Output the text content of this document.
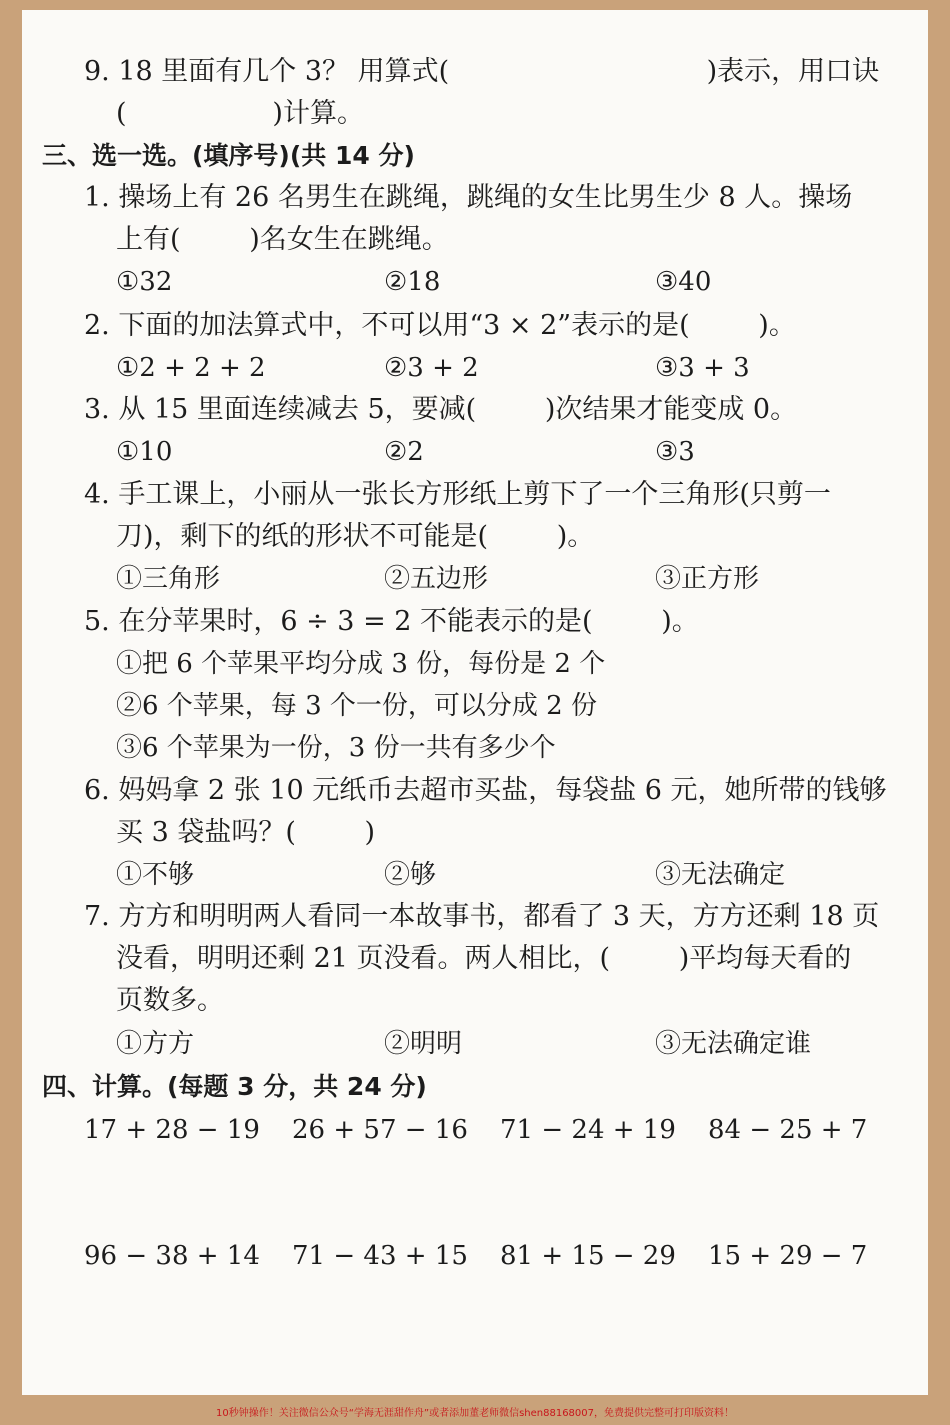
9. 18 里面有几个 3？ 用算式(                              )表示，用口诀
(                 )计算。
三、选一选。(填序号)(共 14 分)
1. 操场上有 26 名男生在跳绳，跳绳的女生比男生少 8 人。操场
上有(        )名女生在跳绳。
①32	②18	③40
2. 下面的加法算式中，不可以用“3 × 2”表示的是(        )。
①2 + 2 + 2	②3 + 2	③3 + 3
3. 从 15 里面连续减去 5，要减(        )次结果才能变成 0。
①10	②2	③3
4. 手工课上，小丽从一张长方形纸上剪下了一个三角形(只剪一
刀)，剩下的纸的形状不可能是(        )。
①三角形	②五边形	③正方形
5. 在分苹果时，6 ÷ 3 = 2 不能表示的是(        )。
①把 6 个苹果平均分成 3 份，每份是 2 个
②6 个苹果，每 3 个一份，可以分成 2 份
③6 个苹果为一份，3 份一共有多少个
6. 妈妈拿 2 张 10 元纸币去超市买盐，每袋盐 6 元，她所带的钱够
买 3 袋盐吗？(        )
①不够	②够	③无法确定
7. 方方和明明两人看同一本故事书，都看了 3 天，方方还剩 18 页
没看，明明还剩 21 页没看。两人相比，(        )平均每天看的
页数多。
①方方	②明明	③无法确定谁
四、计算。(每题 3 分，共 24 分)
17 + 28 − 19 26 + 57 − 16 71 − 24 + 19 84 − 25 + 7
96 − 38 + 14 71 − 43 + 15 81 + 15 − 29 15 + 29 − 7
10秒钟操作！关注微信公众号“学海无涯甜作舟”或者添加董老师微信shen88168007，免费提供完整可打印版资料！
